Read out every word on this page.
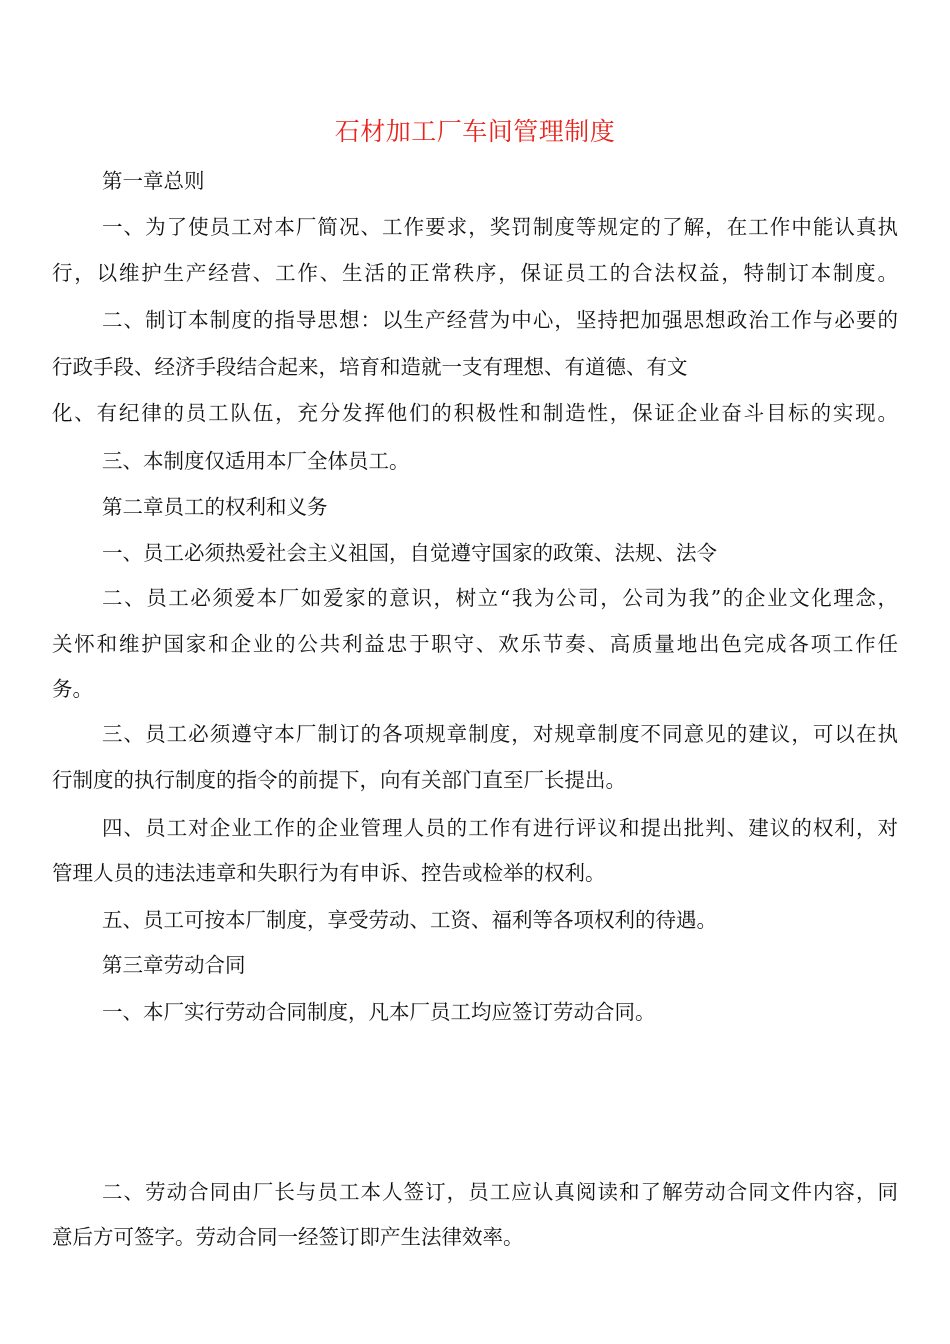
石材加工厂车间管理制度
第一章总则
一、为了使员工对本厂简况、工作要求，奖罚制度等规定的了解，在工作中能认真执
行，以维护生产经营、工作、生活的正常秩序，保证员工的合法权益，特制订本制度。
二、制订本制度的指导思想：以生产经营为中心，坚持把加强思想政治工作与必要的
行政手段、经济手段结合起来，培育和造就一支有理想、有道德、有文
化、有纪律的员工队伍，充分发挥他们的积极性和制造性，保证企业奋斗目标的实现。
三、本制度仅适用本厂全体员工。
第二章员工的权利和义务
一、员工必须热爱社会主义祖国，自觉遵守国家的政策、法规、法令
二、员工必须爱本厂如爱家的意识，树立“我为公司，公司为我”的企业文化理念，
关怀和维护国家和企业的公共利益忠于职守、欢乐节奏、高质量地出色完成各项工作任
务。
三、员工必须遵守本厂制订的各项规章制度，对规章制度不同意见的建议，可以在执
行制度的执行制度的指令的前提下，向有关部门直至厂长提出。
四、员工对企业工作的企业管理人员的工作有进行评议和提出批判、建议的权利，对
管理人员的违法违章和失职行为有申诉、控告或检举的权利。
五、员工可按本厂制度，享受劳动、工资、福利等各项权利的待遇。
第三章劳动合同
一、本厂实行劳动合同制度，凡本厂员工均应签订劳动合同。
二、劳动合同由厂长与员工本人签订，员工应认真阅读和了解劳动合同文件内容，同
意后方可签字。劳动合同一经签订即产生法律效率。
